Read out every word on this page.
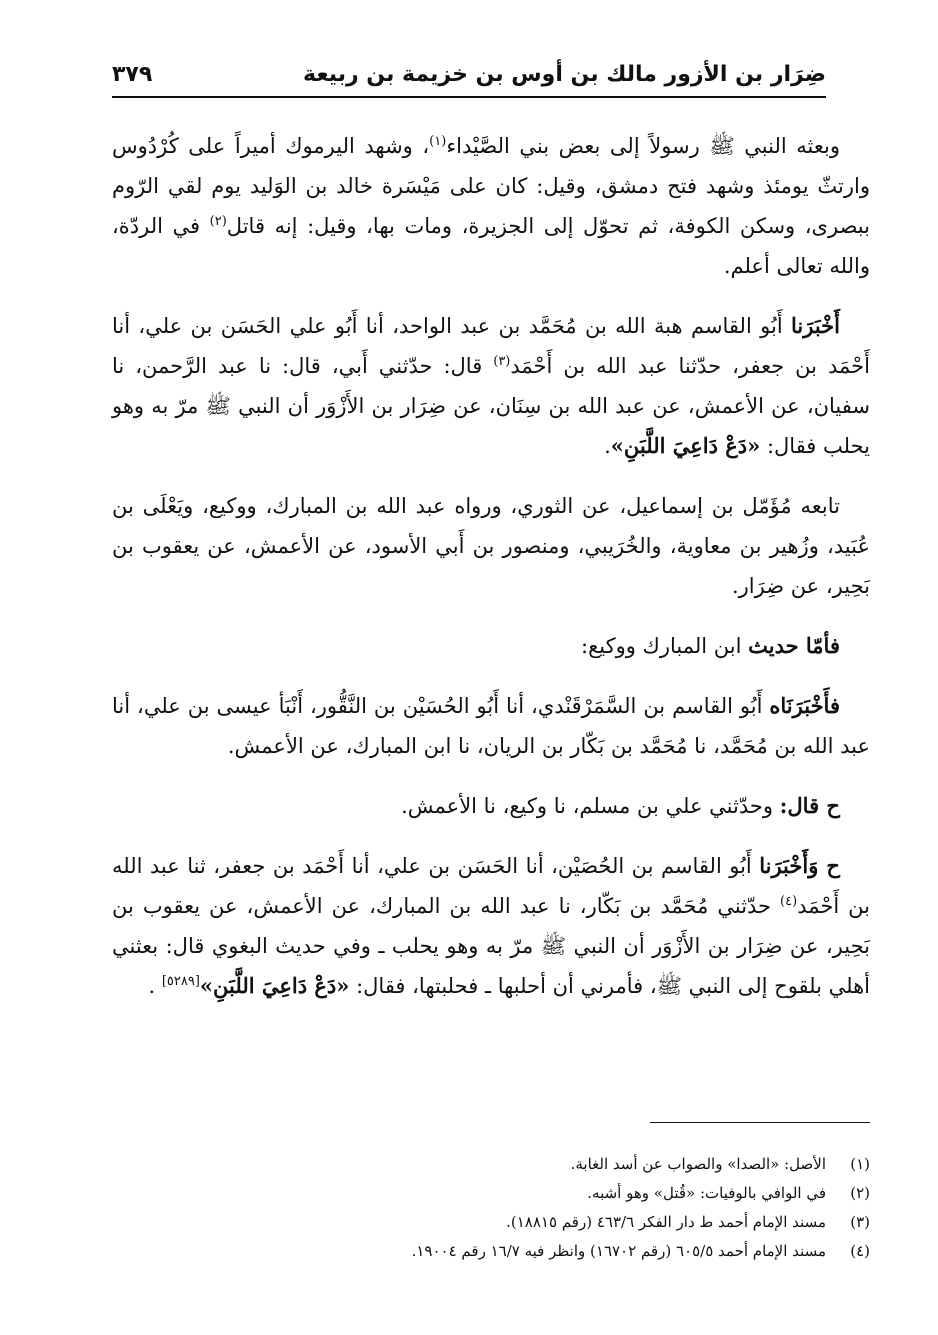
ضِرَار بن الأزور مالك بن أوس بن خزيمة بن ربيعة
٣٧٩

وبعثه النبي ﷺ رسولاً إلى بعض بني الصَّيْداء$^{(١)}$، وشهد اليرموك أميراً على كُرْدُوس وارتثّ يومئذ وشهد فتح دمشق، وقيل: كان على مَيْسَرة خالد بن الوَليد يوم لقي الرّوم ببصرى، وسكن الكوفة، ثم تحوّل إلى الجزيرة، ومات بها، وقيل: إنه قاتل$^{(٢)}$ في الردّة، والله تعالى أعلم.

أَخْبَرَنا أَبُو القاسم هبة الله بن مُحَمَّد بن عبد الواحد، أنا أَبُو علي الحَسَن بن علي، أنا أَحْمَد بن جعفر، حدّثنا عبد الله بن أَحْمَد$^{(٣)}$ قال: حدّثني أَبي، قال: نا عبد الرَّحمن، نا سفيان، عن الأعمش، عن عبد الله بن سِنَان، عن ضِرَار بن الأَزْوَر أن النبي ﷺ مرّ به وهو يحلب فقال: «دَعْ دَاعِيَ اللَّبَنِ».

تابعه مُؤَمّل بن إسماعيل، عن الثوري، ورواه عبد الله بن المبارك، ووكيع، ويَعْلَى بن عُبَيد، وزُهير بن معاوية، والخُرَيبي، ومنصور بن أَبي الأسود، عن الأعمش، عن يعقوب بن بَحِير، عن ضِرَار.

فأمّا حديث ابن المبارك ووكيع:

فأَخْبَرَنَاه أَبُو القاسم بن السَّمَرْقَنْدي، أنا أَبُو الحُسَيْن بن النَّقُّور، أَنْبَأ عيسى بن علي، أنا عبد الله بن مُحَمَّد، نا مُحَمَّد بن بَكّار بن الريان، نا ابن المبارك، عن الأعمش.

ح قال: وحدّثني علي بن مسلم، نا وكيع، نا الأعمش.

ح وَأَخْبَرَنا أَبُو القاسم بن الحُصَيْن، أنا الحَسَن بن علي، أنا أَحْمَد بن جعفر، ثنا عبد الله بن أَحْمَد$^{(٤)}$ حدّثني مُحَمَّد بن بَكّار، نا عبد الله بن المبارك، عن الأعمش، عن يعقوب بن بَحِير، عن ضِرَار بن الأَزْوَر أن النبي ﷺ مرّ به وهو يحلب ـ وفي حديث البغوي قال: بعثني أهلي بلقوح إلى النبي ﷺ، فأمرني أن أحلبها ـ فحلبتها، فقال: «دَعْ دَاعِيَ اللَّبَنِ»[٥٢٨٩] .

(١)
الأصل: «الصدا» والصواب عن أسد الغابة.
(٢)
في الوافي بالوفيات: «قُتل» وهو أشبه.
(٣)
مسند الإمام أحمد ط دار الفكر ٤٦٣/٦ (رقم ١٨٨١٥).
(٤)
مسند الإمام أحمد ٦٠٥/٥ (رقم ١٦٧٠٢) وانظر فيه ١٦/٧ رقم ١٩٠٠٤.
